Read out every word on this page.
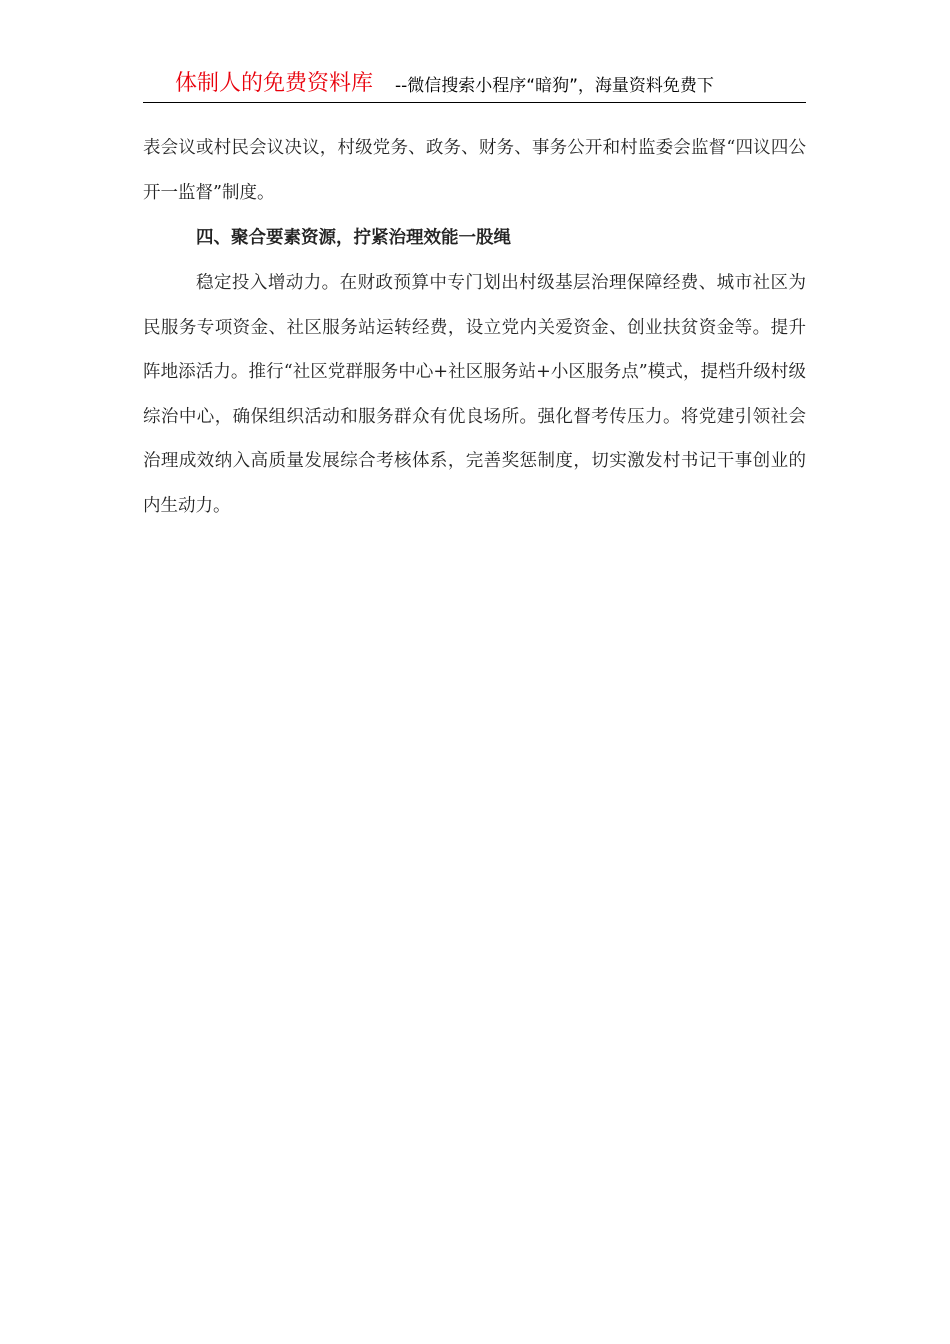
体制人的免费资料库 --微信搜索小程序“暗狗”，海量资料免费下
表会议或村民会议决议，村级党务、政务、财务、事务公开和村监委会监督“四议四公开一监督”制度。
四、聚合要素资源，拧紧治理效能一股绳
稳定投入增动力。在财政预算中专门划出村级基层治理保障经费、城市社区为民服务专项资金、社区服务站运转经费，设立党内关爱资金、创业扶贫资金等。提升阵地添活力。推行“社区党群服务中心+社区服务站+小区服务点”模式，提档升级村级综治中心，确保组织活动和服务群众有优良场所。强化督考传压力。将党建引领社会治理成效纳入高质量发展综合考核体系，完善奖惩制度，切实激发村书记干事创业的内生动力。
